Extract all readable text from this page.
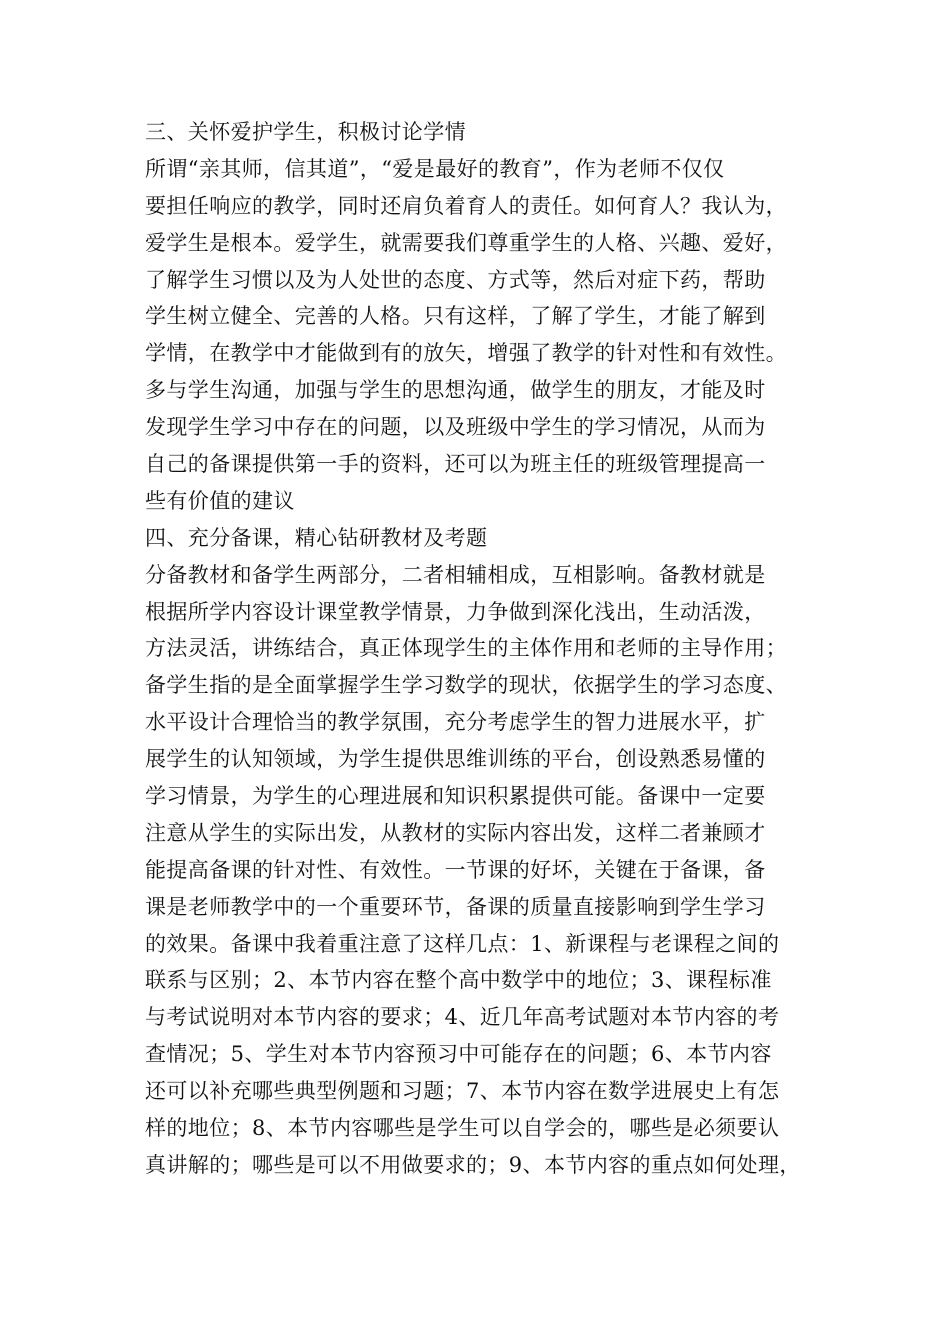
三、关怀爱护学生，积极讨论学情
所谓“亲其师，信其道”，“爱是最好的教育”，作为老师不仅仅
要担任响应的教学，同时还肩负着育人的责任。如何育人？我认为，
爱学生是根本。爱学生，就需要我们尊重学生的人格、兴趣、爱好，
了解学生习惯以及为人处世的态度、方式等，然后对症下药，帮助
学生树立健全、完善的人格。只有这样，了解了学生，才能了解到
学情，在教学中才能做到有的放矢，增强了教学的针对性和有效性。
多与学生沟通，加强与学生的思想沟通，做学生的朋友，才能及时
发现学生学习中存在的问题，以及班级中学生的学习情况，从而为
自己的备课提供第一手的资料，还可以为班主任的班级管理提高一
些有价值的建议
四、充分备课，精心钻研教材及考题
分备教材和备学生两部分，二者相辅相成，互相影响。备教材就是
根据所学内容设计课堂教学情景，力争做到深化浅出，生动活泼，
方法灵活，讲练结合，真正体现学生的主体作用和老师的主导作用；
备学生指的是全面掌握学生学习数学的现状，依据学生的学习态度、
水平设计合理恰当的教学氛围，充分考虑学生的智力进展水平，扩
展学生的认知领域，为学生提供思维训练的平台，创设熟悉易懂的
学习情景，为学生的心理进展和知识积累提供可能。备课中一定要
注意从学生的实际出发，从教材的实际内容出发，这样二者兼顾才
能提高备课的针对性、有效性。一节课的好坏，关键在于备课，备
课是老师教学中的一个重要环节，备课的质量直接影响到学生学习
的效果。备课中我着重注意了这样几点：1、新课程与老课程之间的
联系与区别；2、本节内容在整个高中数学中的地位；3、课程标准
与考试说明对本节内容的要求；4、近几年高考试题对本节内容的考
查情况；5、学生对本节内容预习中可能存在的问题；6、本节内容
还可以补充哪些典型例题和习题；7、本节内容在数学进展史上有怎
样的地位；8、本节内容哪些是学生可以自学会的，哪些是必须要认
真讲解的；哪些是可以不用做要求的；9、本节内容的重点如何处理，
